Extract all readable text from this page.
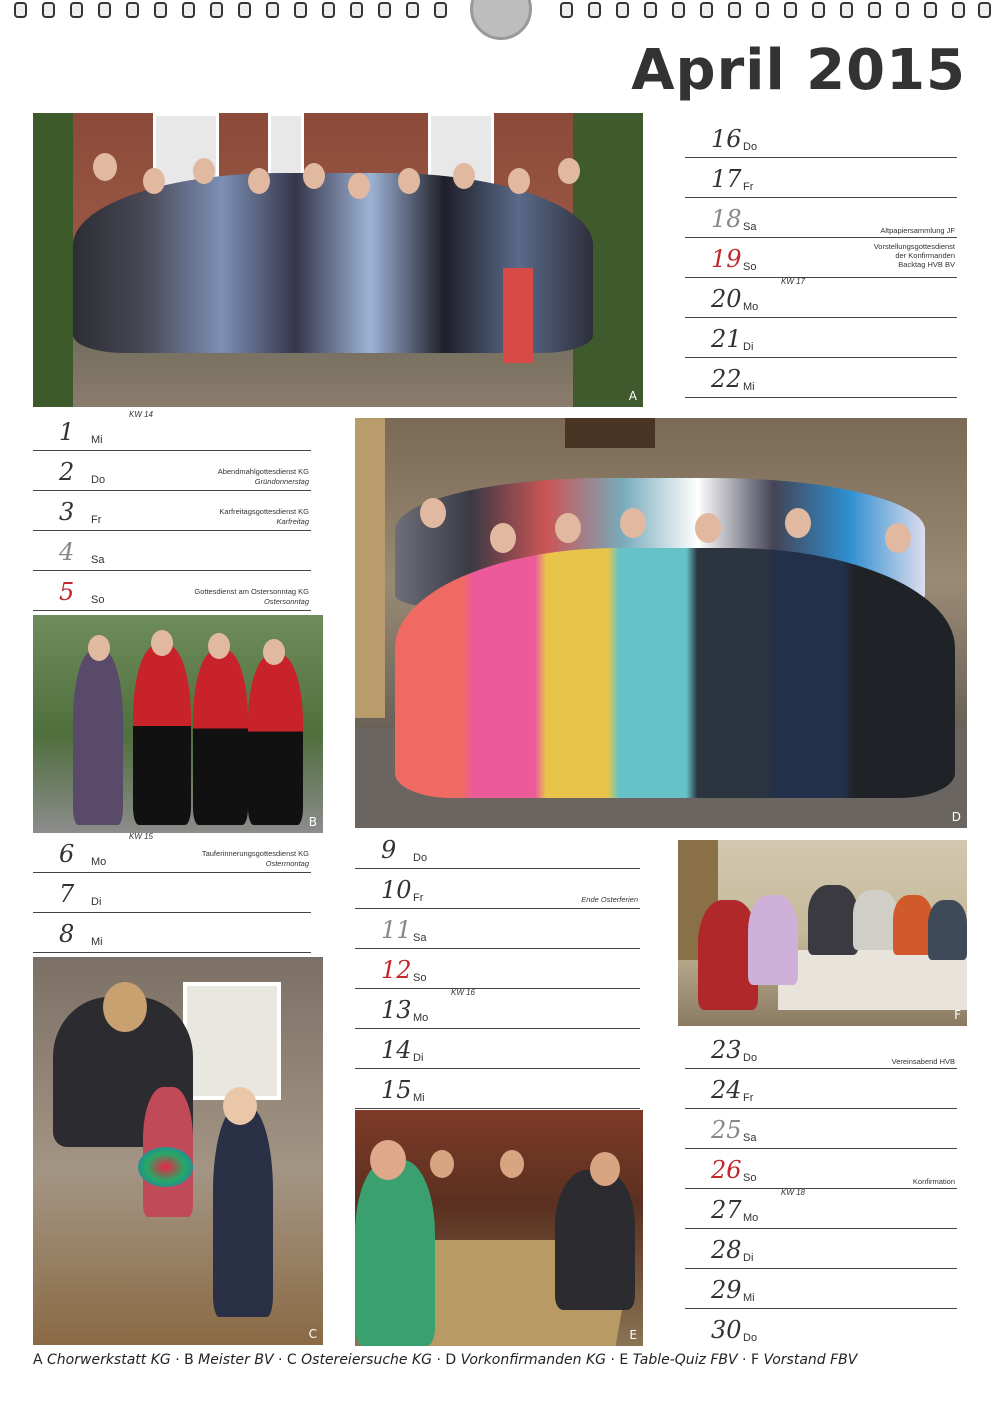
April 2015
A
B
C
D
E
F
KW 14
1 Mi
2 Do
Abendmahlgottesdienst KG
Gründonnerstag
3 Fr
Karfreitagsgottesdienst KG
Karfreitag
4 Sa
5 So
Gottesdienst am Ostersonntag KG
Ostersonntag
KW 15
6 Mo
Tauferinnerungsgottesdienst KG
Ostermontag
7 Di
8 Mi
9 Do
10 Fr	Ende Osterferien
11 Sa
12 So
KW 16
13 Mo
14 Di
15 Mi
16 Do
17 Fr
18 Sa	Altpapiersammlung JF
19 So
Vorstellungsgottesdienst
der Konfirmanden
Backtag HVB BV
KW 17
20 Mo
21 Di
22 Mi
23 Do	Vereinsabend HVB
24 Fr
25 Sa
26 So	Konfirmation
KW 18
27 Mo
28 Di
29 Mi
30 Do
A Chorwerkstatt KG · B Meister BV · C Ostereiersuche KG · D Vorkonfirmanden KG · E Table-Quiz FBV · F Vorstand FBV
